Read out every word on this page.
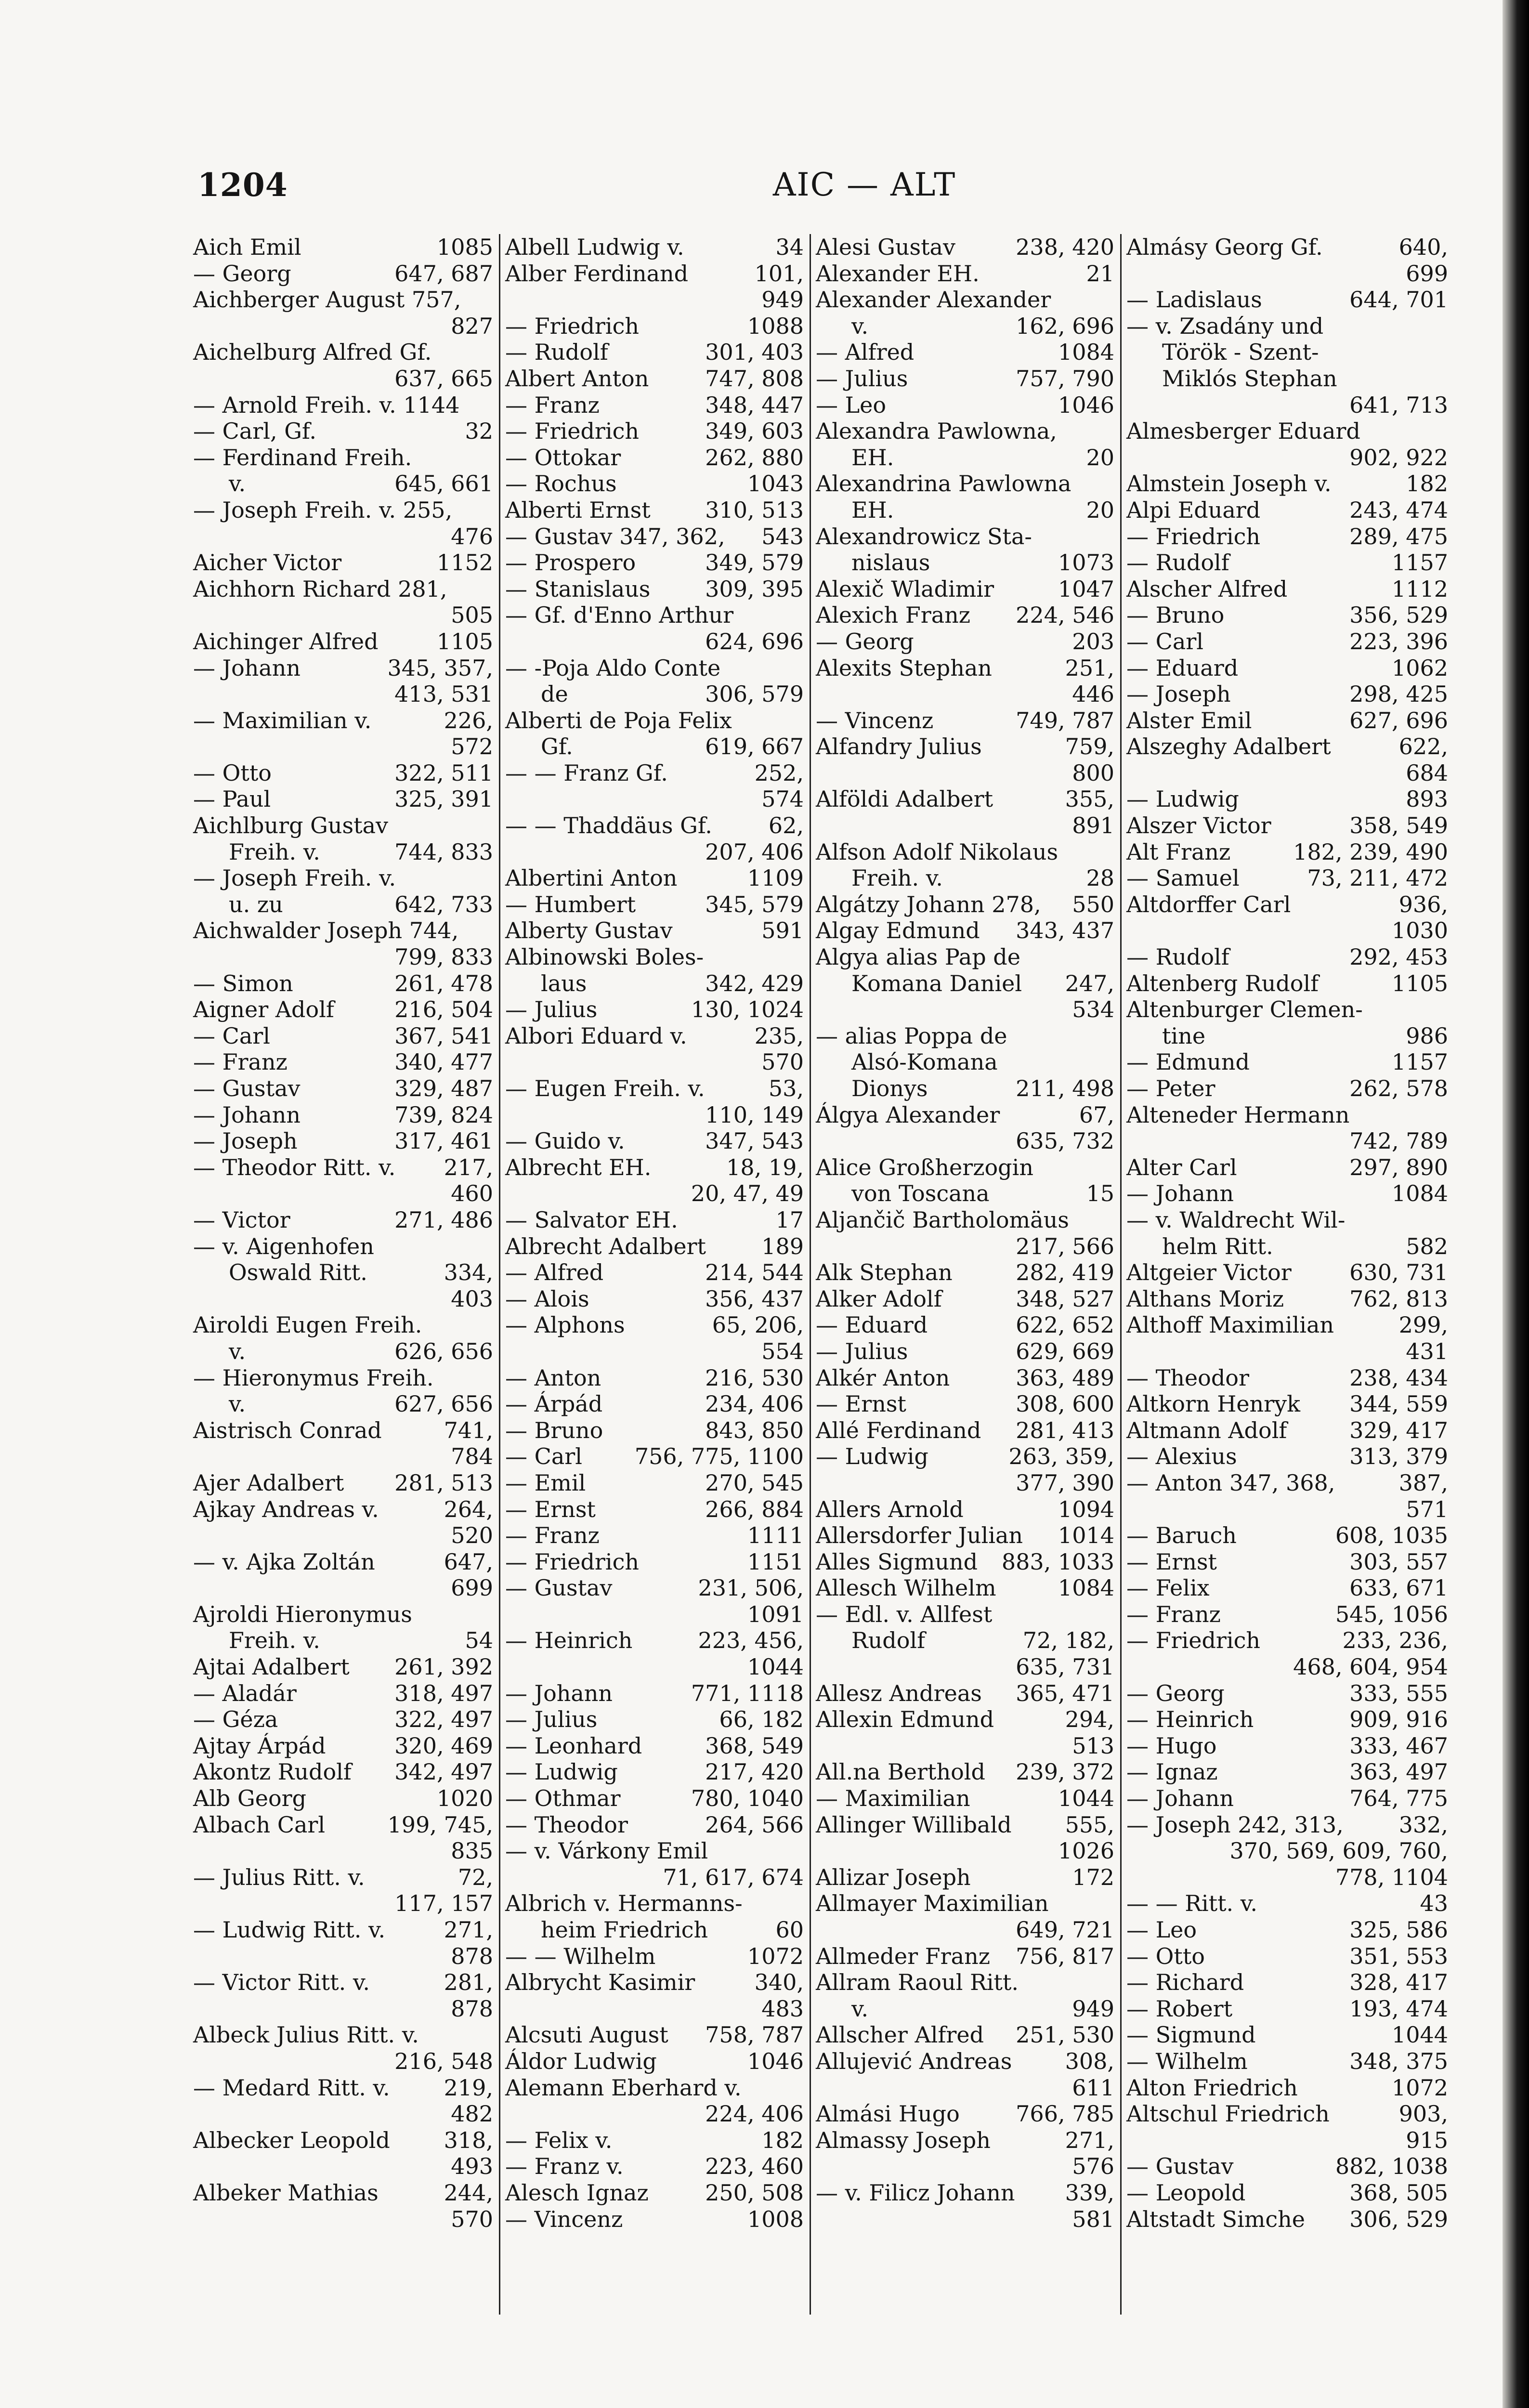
1204	AIC — ALT
Aich Emil	1085
— Georg	647, 687
Aichberger August 757,
827
Aichelburg Alfred Gf.
637, 665
— Arnold Freih. v. 1144
— Carl, Gf.	32
— Ferdinand Freih.
v.	645, 661
— Joseph Freih. v. 255,
476
Aicher Victor	1152
Aichhorn Richard 281,
505
Aichinger Alfred	1105
— Johann	345, 357,
413, 531
— Maximilian v.	226,
572
— Otto	322, 511
— Paul	325, 391
Aichlburg Gustav
Freih. v.	744, 833
— Joseph Freih. v.
u. zu	642, 733
Aichwalder Joseph 744,
799, 833
— Simon	261, 478
Aigner Adolf	216, 504
— Carl	367, 541
— Franz	340, 477
— Gustav	329, 487
— Johann	739, 824
— Joseph	317, 461
— Theodor Ritt. v. 217,
460
— Victor	271, 486
— v. Aigenhofen
Oswald Ritt.	334,
403
Airoldi Eugen Freih.
v.	626, 656
— Hieronymus Freih.
v.	627, 656
Aistrisch Conrad	741,
784
Ajer Adalbert 281, 513
Ajkay Andreas v.	264,
520
— v. Ajka Zoltán	647,
699
Ajroldi Hieronymus
Freih. v.	54
Ajtai Adalbert 261, 392
— Aladár	318, 497
— Géza	322, 497
Ajtay Árpád	320, 469
Akontz Rudolf 342, 497
Alb Georg	1020
Albach Carl	199, 745,
835
— Julius Ritt. v.	72,
117, 157
— Ludwig Ritt. v.	271,
878
— Victor Ritt. v.	281,
878
Albeck Julius Ritt. v.
216, 548
— Medard Ritt. v. 219,
482
Albecker Leopold 318,
493
Albeker Mathias	244,
570
Albell Ludwig v.	34
Alber Ferdinand	101,
949
— Friedrich	1088
— Rudolf	301, 403
Albert Anton	747, 808
— Franz	348, 447
— Friedrich	349, 603
— Ottokar	262, 880
— Rochus	1043
Alberti Ernst 310, 513
— Gustav 347, 362, 543
— Prospero	349, 579
— Stanislaus 309, 395
— Gf. d'Enno Arthur
624, 696
— -Poja Aldo Conte
de	306, 579
Alberti de Poja Felix
Gf.	619, 667
— — Franz Gf.	252,
574
— — Thaddäus Gf.	62,
207, 406
Albertini Anton	1109
— Humbert	345, 579
Alberty Gustav	591
Albinowski Boles-
laus	342, 429
— Julius	130, 1024
Albori Eduard v.	235,
570
— Eugen Freih. v.	53,
110, 149
— Guido v.	347, 543
Albrecht EH.	18, 19,
20, 47, 49
— Salvator EH.	17
Albrecht Adalbert	189
— Alfred	214, 544
— Alois	356, 437
— Alphons	65, 206,
554
— Anton	216, 530
— Árpád	234, 406
— Bruno	843, 850
— Carl 756, 775, 1100
— Emil	270, 545
— Ernst	266, 884
— Franz	1111
— Friedrich	1151
— Gustav	231, 506,
1091
— Heinrich	223, 456,
1044
— Johann	771, 1118
— Julius	66, 182
— Leonhard	368, 549
— Ludwig	217, 420
— Othmar	780, 1040
— Theodor	264, 566
— v. Várkony Emil
71, 617, 674
Albrich v. Hermanns-
heim Friedrich	60
— — Wilhelm	1072
Albrycht Kasimir	340,
483
Alcsuti August 758, 787
Áldor Ludwig	1046
Alemann Eberhard v.
224, 406
— Felix v.	182
— Franz v.	223, 460
Alesch Ignaz	250, 508
— Vincenz	1008
Alesi Gustav	238, 420
Alexander EH.	21
Alexander Alexander
v.	162, 696
— Alfred	1084
— Julius	757, 790
— Leo	1046
Alexandra Pawlowna,
EH.	20
Alexandrina Pawlowna
EH.	20
Alexandrowicz Sta-
nislaus	1073
Alexič Wladimir	1047
Alexich Franz 224, 546
— Georg	203
Alexits Stephan	251,
446
— Vincenz	749, 787
Alfandry Julius	759,
800
Alföldi Adalbert	355,
891
Alfson Adolf Nikolaus
Freih. v.	28
Algátzy Johann 278, 550
Algay Edmund 343, 437
Algya alias Pap de
Komana Daniel 247,
534
— alias Poppa de
Alsó-Komana
Dionys	211, 498
Álgya Alexander	67,
635, 732
Alice Großherzogin
von Toscana	15
Aljančič Bartholomäus
217, 566
Alk Stephan	282, 419
Alker Adolf	348, 527
— Eduard	622, 652
— Julius	629, 669
Alkér Anton	363, 489
— Ernst	308, 600
Allé Ferdinand 281, 413
— Ludwig	263, 359,
377, 390
Allers Arnold	1094
Allersdorfer Julian 1014
Alles Sigmund 883, 1033
Allesch Wilhelm	1084
— Edl. v. Allfest
Rudolf	72, 182,
635, 731
Allesz Andreas 365, 471
Allexin Edmund	294,
513
All.na Berthold 239, 372
— Maximilian	1044
Allinger Willibald 555,
1026
Allizar Joseph	172
Allmayer Maximilian
649, 721
Allmeder Franz 756, 817
Allram Raoul Ritt.
v.	949
Allscher Alfred 251, 530
Allujević Andreas 308,
611
Almási Hugo	766, 785
Almassy Joseph	271,
576
— v. Filicz Johann 339,
581
Almásy Georg Gf.	640,
699
— Ladislaus	644, 701
— v. Zsadány und
Török - Szent-
Miklós Stephan
641, 713
Almesberger Eduard
902, 922
Almstein Joseph v.	182
Alpi Eduard	243, 474
— Friedrich	289, 475
— Rudolf	1157
Alscher Alfred	1112
— Bruno	356, 529
— Carl	223, 396
— Eduard	1062
— Joseph	298, 425
Alster Emil	627, 696
Alszeghy Adalbert	622,
684
— Ludwig	893
Alszer Victor	358, 549
Alt Franz	182, 239, 490
— Samuel	73, 211, 472
Altdorffer Carl	936,
1030
— Rudolf	292, 453
Altenberg Rudolf	1105
Altenburger Clemen-
tine	986
— Edmund	1157
— Peter	262, 578
Alteneder Hermann
742, 789
Alter Carl	297, 890
— Johann	1084
— v. Waldrecht Wil-
helm Ritt.	582
Altgeier Victor	630, 731
Althans Moriz	762, 813
Althoff Maximilian	299,
431
— Theodor	238, 434
Altkorn Henryk 344, 559
Altmann Adolf	329, 417
— Alexius	313, 379
— Anton 347, 368,	387,
571
— Baruch	608, 1035
— Ernst	303, 557
— Felix	633, 671
— Franz	545, 1056
— Friedrich	233, 236,
468, 604, 954
— Georg	333, 555
— Heinrich	909, 916
— Hugo	333, 467
— Ignaz	363, 497
— Johann	764, 775
— Joseph 242, 313, 332,
370, 569, 609, 760,
778, 1104
— — Ritt. v.	43
— Leo	325, 586
— Otto	351, 553
— Richard	328, 417
— Robert	193, 474
— Sigmund	1044
— Wilhelm	348, 375
Alton Friedrich	1072
Altschul Friedrich	903,
915
— Gustav	882, 1038
— Leopold	368, 505
Altstadt Simche 306, 529
